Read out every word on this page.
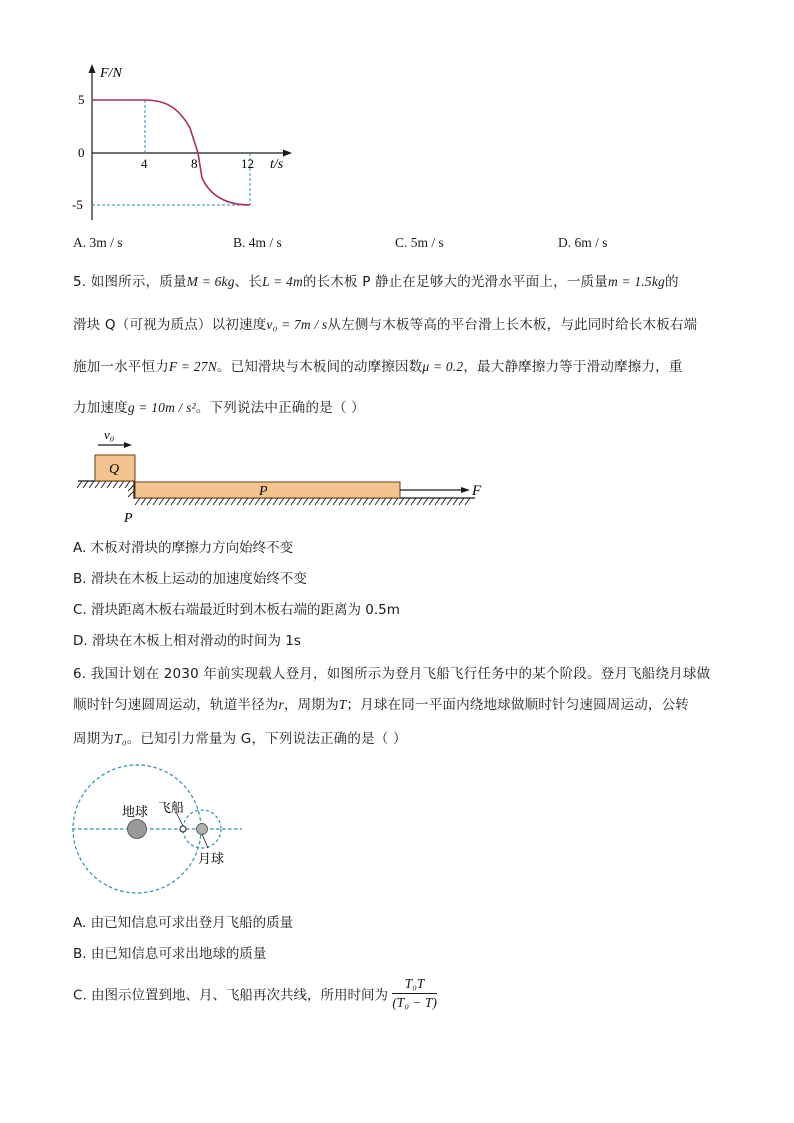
F/N
t/s
5
0
-5
4	8	12
A. 3m / s	B. 4m / s	C. 5m / s	D. 6m / s
5. 如图所示，质量M = 6kg、长L = 4m的长木板 P 静止在足够大的光滑水平面上，一质量m = 1.5kg的
滑块 Q（可视为质点）以初速度v₀ = 7m / s从左侧与木板等高的平台滑上长木板，与此同时给长木板右端
施加一水平恒力F = 27N。已知滑块与木板间的动摩擦因数μ = 0.2，最大静摩擦力等于滑动摩擦力，重
力加速度g = 10m / s²。下列说法中正确的是（ ）
Q
v₀
P	F
P
A. 木板对滑块的摩擦力方向始终不变
B. 滑块在木板上运动的加速度始终不变
C. 滑块距离木板右端最近时到木板右端的距离为 0.5m
D. 滑块在木板上相对滑动的时间为 1s
6. 我国计划在 2030 年前实现载人登月，如图所示为登月飞船飞行任务中的某个阶段。登月飞船绕月球做
顺时针匀速圆周运动，轨道半径为r，周期为T；月球在同一平面内绕地球做顺时针匀速圆周运动，公转
周期为T₀。已知引力常量为 G，下列说法正确的是（ ）
地球 飞船
月球
A. 由已知信息可求出登月飞船的质量
B. 由已知信息可求出地球的质量
C. 由图示位置到地、月、飞船再次共线，所用时间为 $\frac{\text{T₀T}}{\text{(T₀ − T)}}$
